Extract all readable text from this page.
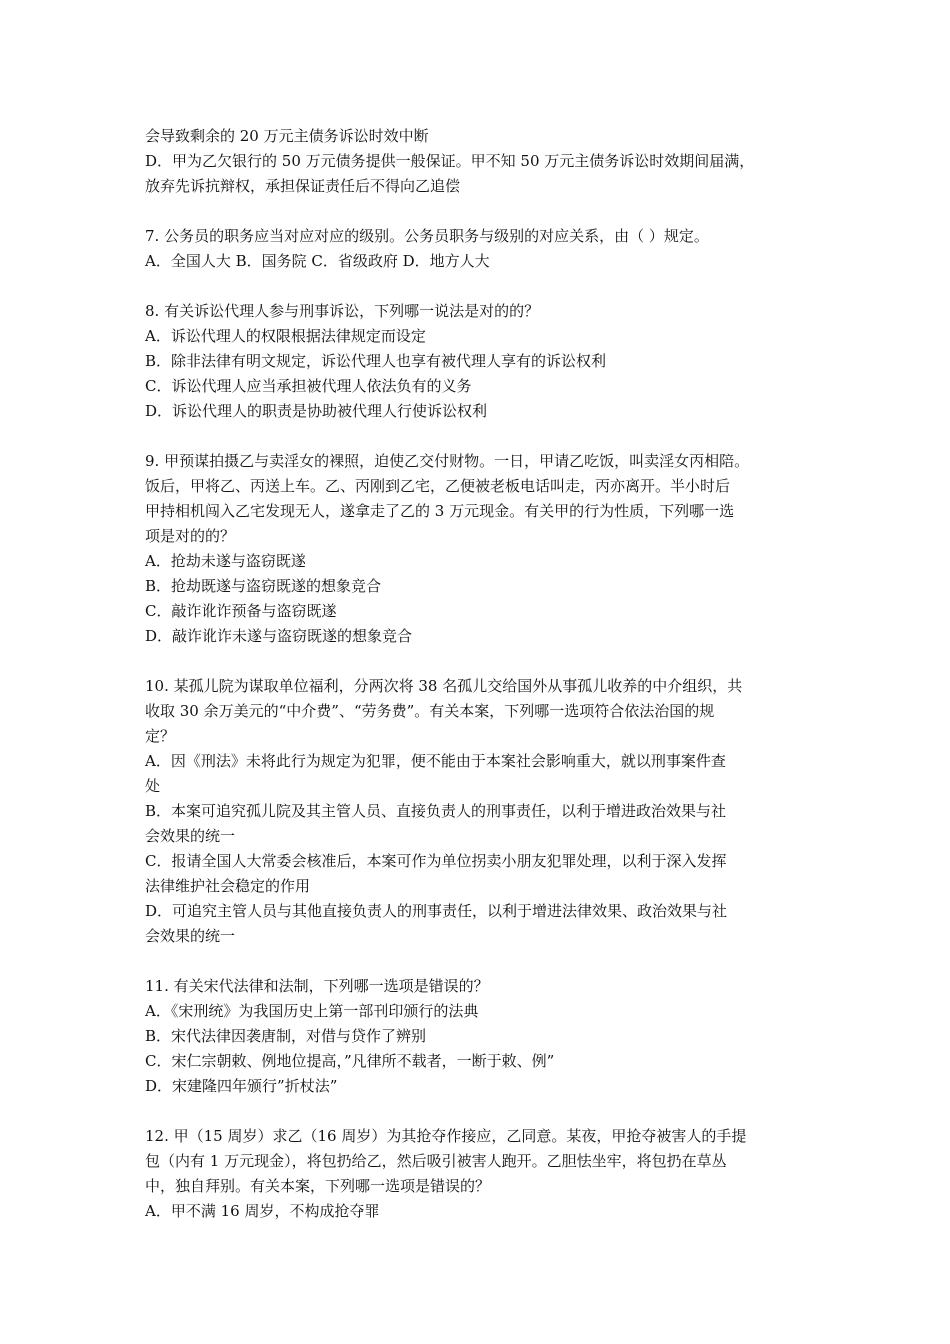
会导致剩余的 20 万元主债务诉讼时效中断
D．甲为乙欠银行的 50 万元债务提供一般保证。甲不知 50 万元主债务诉讼时效期间届满，
放弃先诉抗辩权，承担保证责任后不得向乙追偿
7. 公务员的职务应当对应对应的级别。公务员职务与级别的对应关系，由（ ）规定。
A．全国人大 B．国务院 C．省级政府 D．地方人大
8. 有关诉讼代理人参与刑事诉讼，下列哪一说法是对的的？
A．诉讼代理人的权限根据法律规定而设定
B．除非法律有明文规定，诉讼代理人也享有被代理人享有的诉讼权利
C．诉讼代理人应当承担被代理人依法负有的义务
D．诉讼代理人的职责是协助被代理人行使诉讼权利
9. 甲预谋拍摄乙与卖淫女的裸照，迫使乙交付财物。一日，甲请乙吃饭，叫卖淫女丙相陪。
饭后，甲将乙、丙送上车。乙、丙刚到乙宅，乙便被老板电话叫走，丙亦离开。半小时后
甲持相机闯入乙宅发现无人，遂拿走了乙的 3 万元现金。有关甲的行为性质，下列哪一选
项是对的的？
A．抢劫未遂与盗窃既遂
B．抢劫既遂与盗窃既遂的想象竞合
C．敲诈讹诈预备与盗窃既遂
D．敲诈讹诈未遂与盗窃既遂的想象竞合
10. 某孤儿院为谋取单位福利，分两次将 38 名孤儿交给国外从事孤儿收养的中介组织，共
收取 30 余万美元的“中介费”、“劳务费”。有关本案，下列哪一选项符合依法治国的规
定？
A．因《刑法》未将此行为规定为犯罪，便不能由于本案社会影响重大，就以刑事案件查
处
B．本案可追究孤儿院及其主管人员、直接负责人的刑事责任，以利于增进政治效果与社
会效果的统一
C．报请全国人大常委会核准后，本案可作为单位拐卖小朋友犯罪处理，以利于深入发挥
法律维护社会稳定的作用
D．可追究主管人员与其他直接负责人的刑事责任，以利于增进法律效果、政治效果与社
会效果的统一
11. 有关宋代法律和法制，下列哪一选项是错误的？
A．《宋刑统》为我国历史上第一部刊印颁行的法典
B．宋代法律因袭唐制，对借与贷作了辨别
C．宋仁宗朝敕、例地位提高，”凡律所不载者，一断于敕、例”
D．宋建隆四年颁行”折杖法”
12. 甲（15 周岁）求乙（16 周岁）为其抢夺作接应，乙同意。某夜，甲抢夺被害人的手提
包（内有 1 万元现金），将包扔给乙，然后吸引被害人跑开。乙胆怯坐牢，将包扔在草丛
中，独自拜别。有关本案，下列哪一选项是错误的？
A．甲不满 16 周岁，不构成抢夺罪
